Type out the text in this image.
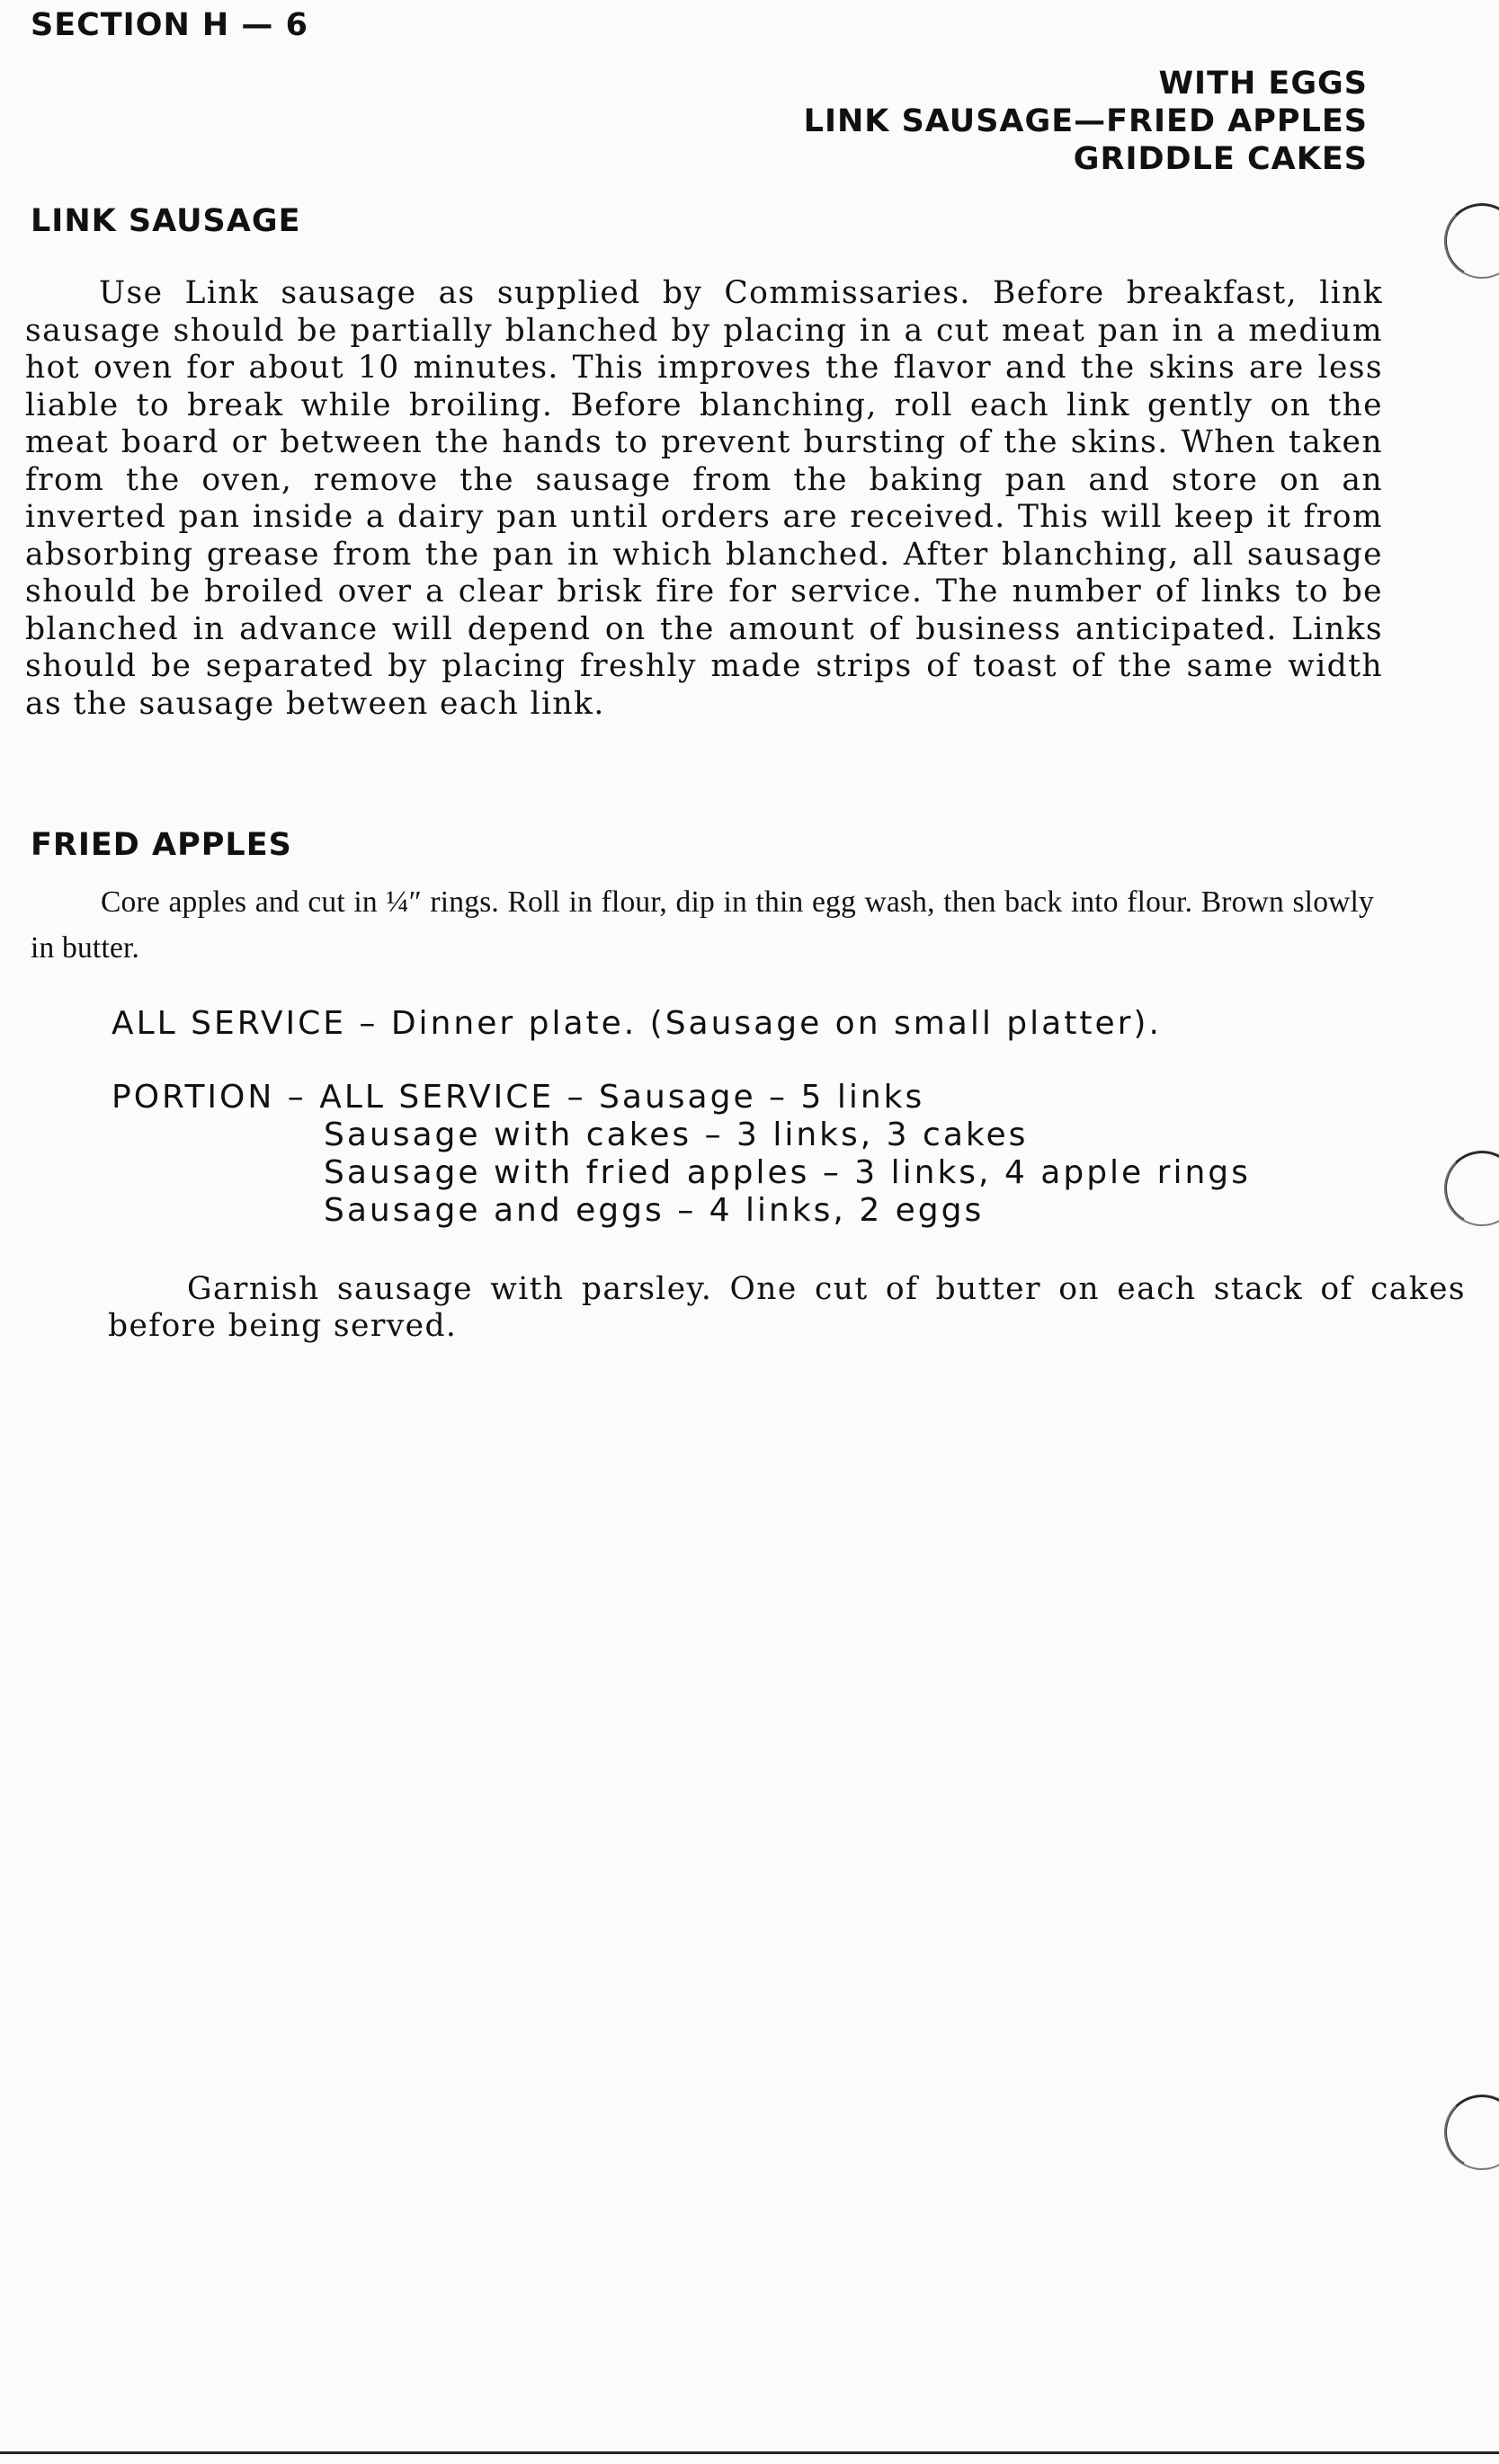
SECTION H — 6
WITH EGGS
LINK SAUSAGE—FRIED APPLES
GRIDDLE CAKES
LINK SAUSAGE
Use Link sausage as supplied by Commissaries. Before breakfast, link sausage should be partially blanched by placing in a cut meat pan in a medium hot oven for about 10 minutes. This improves the flavor and the skins are less liable to break while broiling. Before blanching, roll each link gently on the meat board or between the hands to prevent bursting of the skins. When taken from the oven, remove the sausage from the baking pan and store on an inverted pan inside a dairy pan until orders are received. This will keep it from absorbing grease from the pan in which blanched. After blanching, all sausage should be broiled over a clear brisk fire for service. The number of links to be blanched in advance will depend on the amount of business anticipated. Links should be separated by placing freshly made strips of toast of the same width as the sausage between each link.
FRIED APPLES
Core apples and cut in ¼″ rings. Roll in flour, dip in thin egg wash, then back into flour. Brown slowly in butter.
ALL SERVICE – Dinner plate. (Sausage on small platter).
PORTION – ALL SERVICE – Sausage – 5 links
Sausage with cakes – 3 links, 3 cakes
Sausage with fried apples – 3 links, 4 apple rings
Sausage and eggs – 4 links, 2 eggs
Garnish sausage with parsley. One cut of butter on each stack of cakes before being served.
